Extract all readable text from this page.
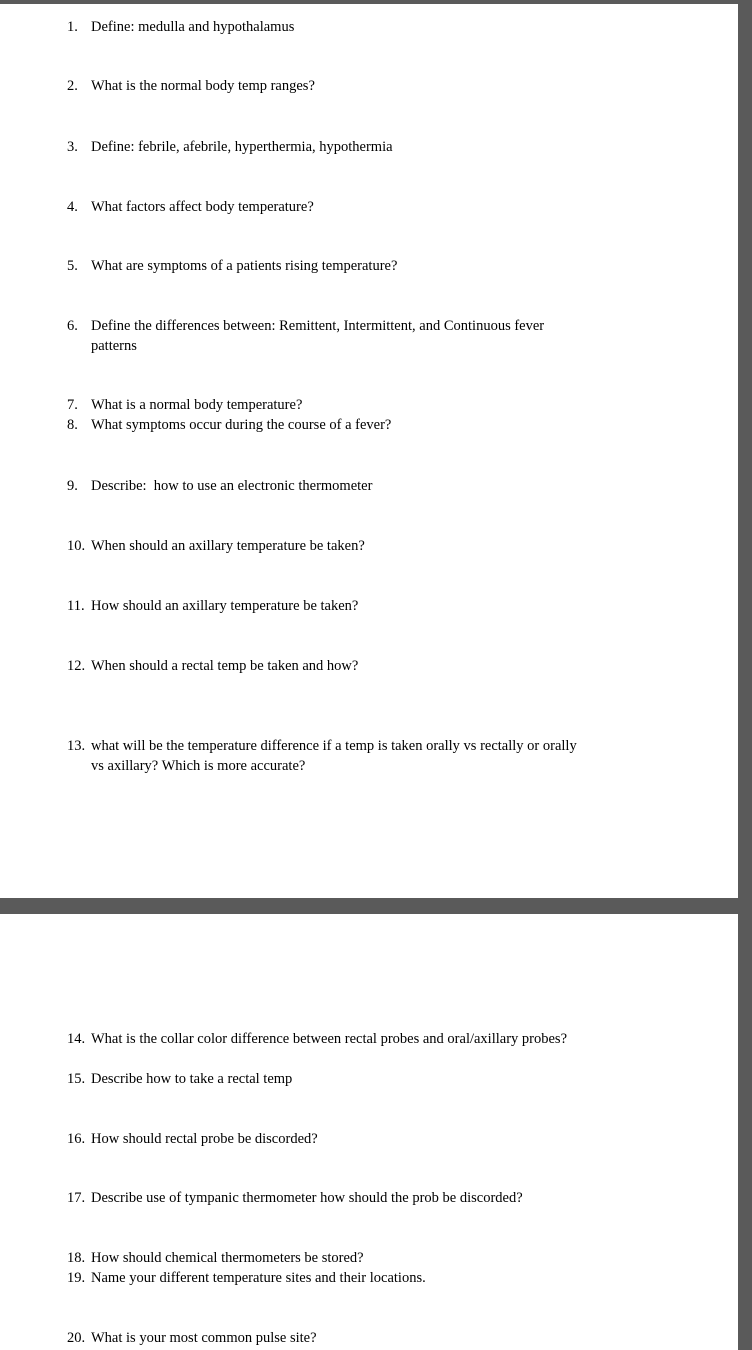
1. Define: medulla and hypothalamus
2. What is the normal body temp ranges?
3. Define: febrile, afebrile, hyperthermia, hypothermia
4. What factors affect body temperature?
5. What are symptoms of a patients rising temperature?
6. Define the differences between: Remittent, Intermittent, and Continuous fever
patterns
7. What is a normal body temperature?
8. What symptoms occur during the course of a fever?
9. Describe:  how to use an electronic thermometer
10. When should an axillary temperature be taken?
11. How should an axillary temperature be taken?
12. When should a rectal temp be taken and how?
13. what will be the temperature difference if a temp is taken orally vs rectally or orally
vs axillary? Which is more accurate?
14. What is the collar color difference between rectal probes and oral/axillary probes?
15. Describe how to take a rectal temp
16. How should rectal probe be discorded?
17. Describe use of tympanic thermometer how should the prob be discorded?
18. How should chemical thermometers be stored?
19. Name your different temperature sites and their locations.
20. What is your most common pulse site?
